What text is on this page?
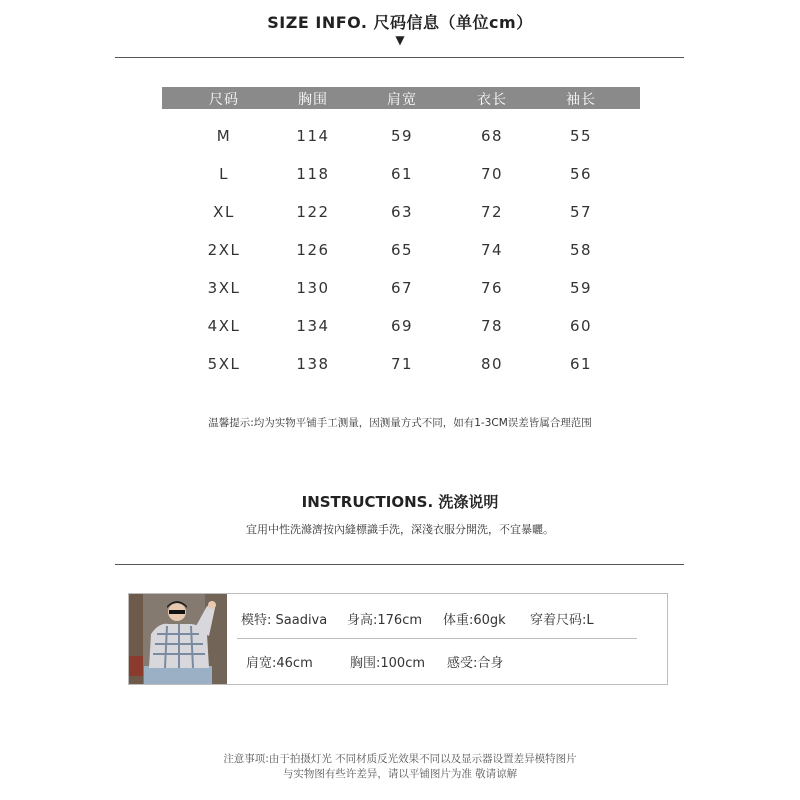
SIZE INFO. 尺码信息（单位cm）
▼
尺码	胸围	肩宽	衣长	袖长
M	114	59	68	55
L	118	61	70	56
XL	122	63	72	57
2XL	126	65	74	58
3XL	130	67	76	59
4XL	134	69	78	60
5XL	138	71	80	61
温馨提示:均为实物平铺手工测量，因测量方式不同，如有1-3CM误差皆属合理范围
INSTRUCTIONS. 洗涤说明
宜用中性洗滌濟按內縫標識手洗，深淺衣服分開洗，不宜暴曬。
模特: Saadiva 身高:176cm 体重:60gk 穿着尺码:L
肩宽:46cm	胸围:100cm 感受:合身
注意事项:由于拍摄灯光 不同材质反光效果不同以及显示器设置差异模特图片
与实物图有些许差异，请以平铺图片为准 敬请谅解
